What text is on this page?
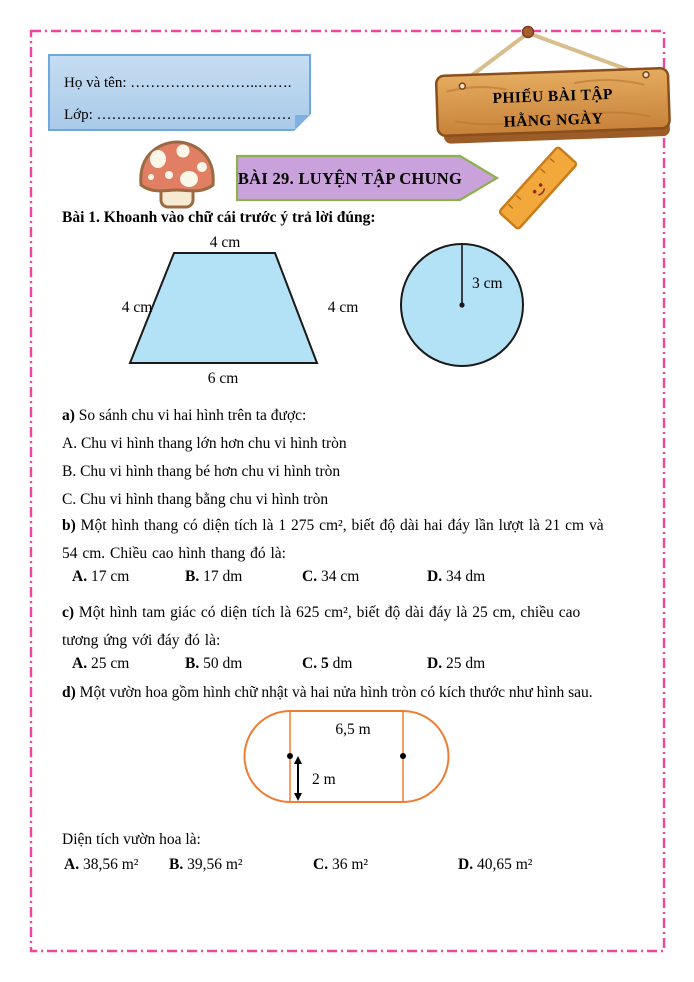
Họ và tên: ……………………..…….
Lớp: …………………………………
PHIẾU BÀI TẬP
HẰNG NGÀY
BÀI 29. LUYỆN TẬP CHUNG
Bài 1. Khoanh vào chữ cái trước ý trả lời đúng:
4 cm
4 cm	4 cm
6 cm
3 cm
a) So sánh chu vi hai hình trên ta được:
A. Chu vi hình thang lớn hơn chu vi hình tròn
B. Chu vi hình thang bé hơn chu vi hình tròn
C. Chu vi hình thang bằng chu vi hình tròn
b) Một hình thang có diện tích là 1 275 cm², biết độ dài hai đáy lần lượt là 21 cm và
54 cm. Chiều cao hình thang đó là:
A. 17 cm	B. 17 dm	C. 34 cm	D. 34 dm
c) Một hình tam giác có diện tích là 625 cm², biết độ dài đáy là 25 cm, chiều cao
tương ứng với đáy đó là:
A. 25 cm	B. 50 dm	C. 5 dm	D. 25 dm
d) Một vườn hoa gồm hình chữ nhật và hai nửa hình tròn có kích thước như hình sau.
6,5 m
2 m
Diện tích vườn hoa là:
A. 38,56 m²	B. 39,56 m²	C. 36 m²	D. 40,65 m²
